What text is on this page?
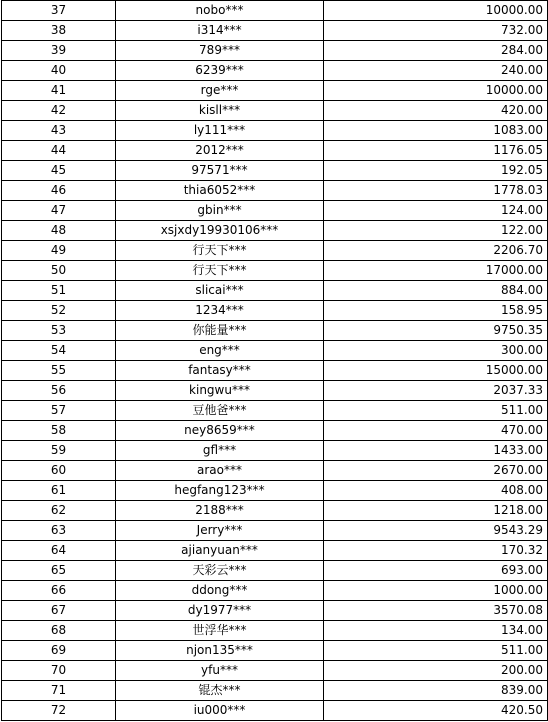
37	nobo***	10000.00
38	i314***	732.00
39	789***	284.00
40	6239***	240.00
41	rge***	10000.00
42	kisll***	420.00
43	ly111***	1083.00
44	2012***	1176.05
45	97571***	192.05
46	thia6052***	1778.03
47	gbin***	124.00
48	xsjxdy19930106***	122.00
49	行天下***	2206.70
50	行天下***	17000.00
51	slicai***	884.00
52	1234***	158.95
53	你能量***	9750.35
54	eng***	300.00
55	fantasy***	15000.00
56	kingwu***	2037.33
57	豆他爸***	511.00
58	ney8659***	470.00
59	gfl***	1433.00
60	arao***	2670.00
61	hegfang123***	408.00
62	2188***	1218.00
63	Jerry***	9543.29
64	ajianyuan***	170.32
65	天彩云***	693.00
66	ddong***	1000.00
67	dy1977***	3570.08
68	世浮华***	134.00
69	njon135***	511.00
70	yfu***	200.00
71	锟杰***	839.00
72	iu000***	420.50
